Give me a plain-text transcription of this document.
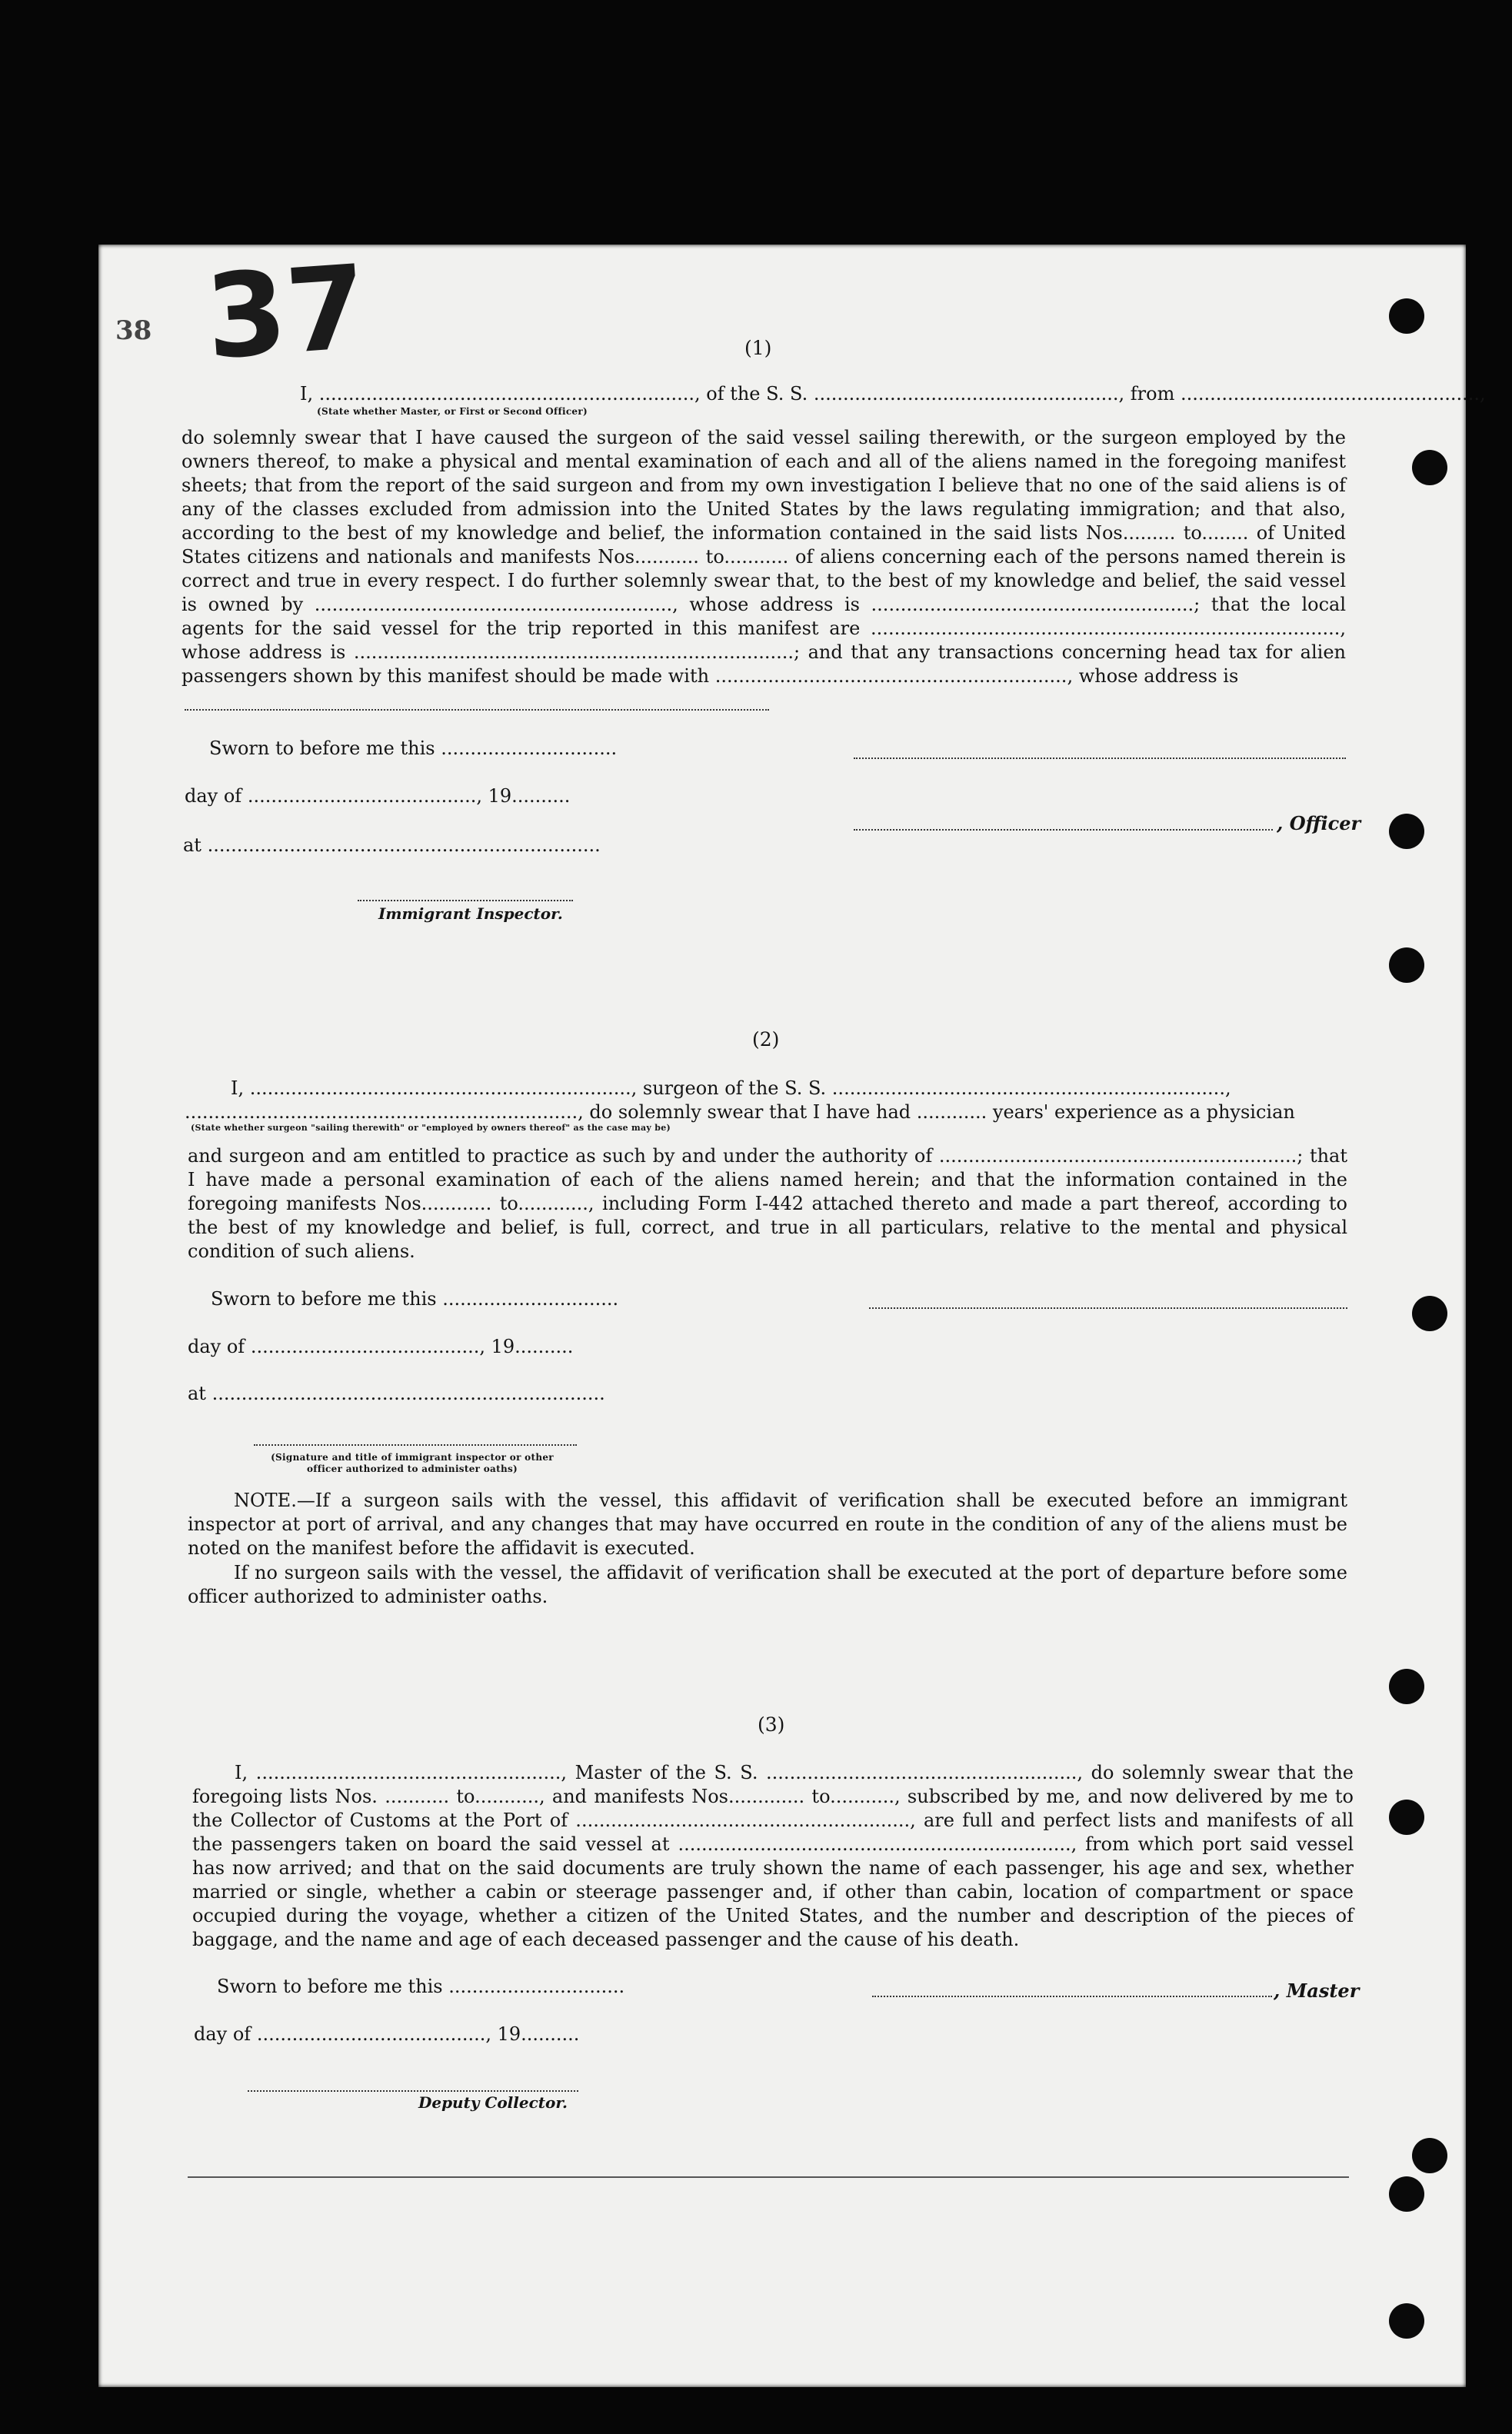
37
38
(1)
I, ................................................................, of the S. S. ...................................................., from ...................................................,
(State whether Master, or First or Second Officer)
do solemnly swear that I have caused the surgeon of the said vessel sailing therewith, or the surgeon employed by the owners thereof, to make a physical and mental examination of each and all of the aliens named in the foregoing manifest sheets; that from the report of the said surgeon and from my own investigation I believe that no one of the said aliens is of any of the classes excluded from admission into the United States by the laws regulating immigration; and that also, according to the best of my knowledge and belief, the information contained in the said lists Nos......... to........ of United States citizens and nationals and manifests Nos........... to........... of aliens concerning each of the persons named therein is correct and true in every respect. I do further solemnly swear that, to the best of my knowledge and belief, the said vessel is owned by ............................................................., whose address is .......................................................; that the local agents for the said vessel for the trip reported in this manifest are ................................................................................, whose address is ...........................................................................; and that any transactions concerning head tax for alien passengers shown by this manifest should be made with ............................................................, whose address is
Sworn to before me this ..............................
day of ......................................., 19..........
, Officer
at ...................................................................
Immigrant Inspector.
(2)
I, ................................................................., surgeon of the S. S. ...................................................................,
..................................................................., do solemnly swear that I have had ............ years' experience as a physician
(State whether surgeon "sailing therewith" or "employed by owners thereof" as the case may be)
and surgeon and am entitled to practice as such by and under the authority of .............................................................; that I have made a personal examination of each of the aliens named herein; and that the information contained in the foregoing manifests Nos............ to............, including Form I-442 attached thereto and made a part thereof, according to the best of my knowledge and belief, is full, correct, and true in all particulars, relative to the mental and physical condition of such aliens.
Sworn to before me this ..............................
day of ......................................., 19..........
at ...................................................................
(Signature and title of immigrant inspector or other officer authorized to administer oaths)
NOTE.—If a surgeon sails with the vessel, this affidavit of verification shall be executed before an immigrant inspector at port of arrival, and any changes that may have occurred en route in the condition of any of the aliens must be noted on the manifest before the affidavit is executed.
If no surgeon sails with the vessel, the affidavit of verification shall be executed at the port of departure before some officer authorized to administer oaths.
(3)
I, ...................................................., Master of the S. S. ....................................................., do solemnly swear that the foregoing lists Nos. ........... to..........., and manifests Nos............. to..........., subscribed by me, and now delivered by me to the Collector of Customs at the Port of ........................................................., are full and perfect lists and manifests of all the passengers taken on board the said vessel at ..................................................................., from which port said vessel has now arrived; and that on the said documents are truly shown the name of each passenger, his age and sex, whether married or single, whether a cabin or steerage passenger and, if other than cabin, location of compartment or space occupied during the voyage, whether a citizen of the United States, and the number and description of the pieces of baggage, and the name and age of each deceased passenger and the cause of his death.
Sworn to before me this ..............................	, Master
day of ......................................., 19..........
Deputy Collector.
